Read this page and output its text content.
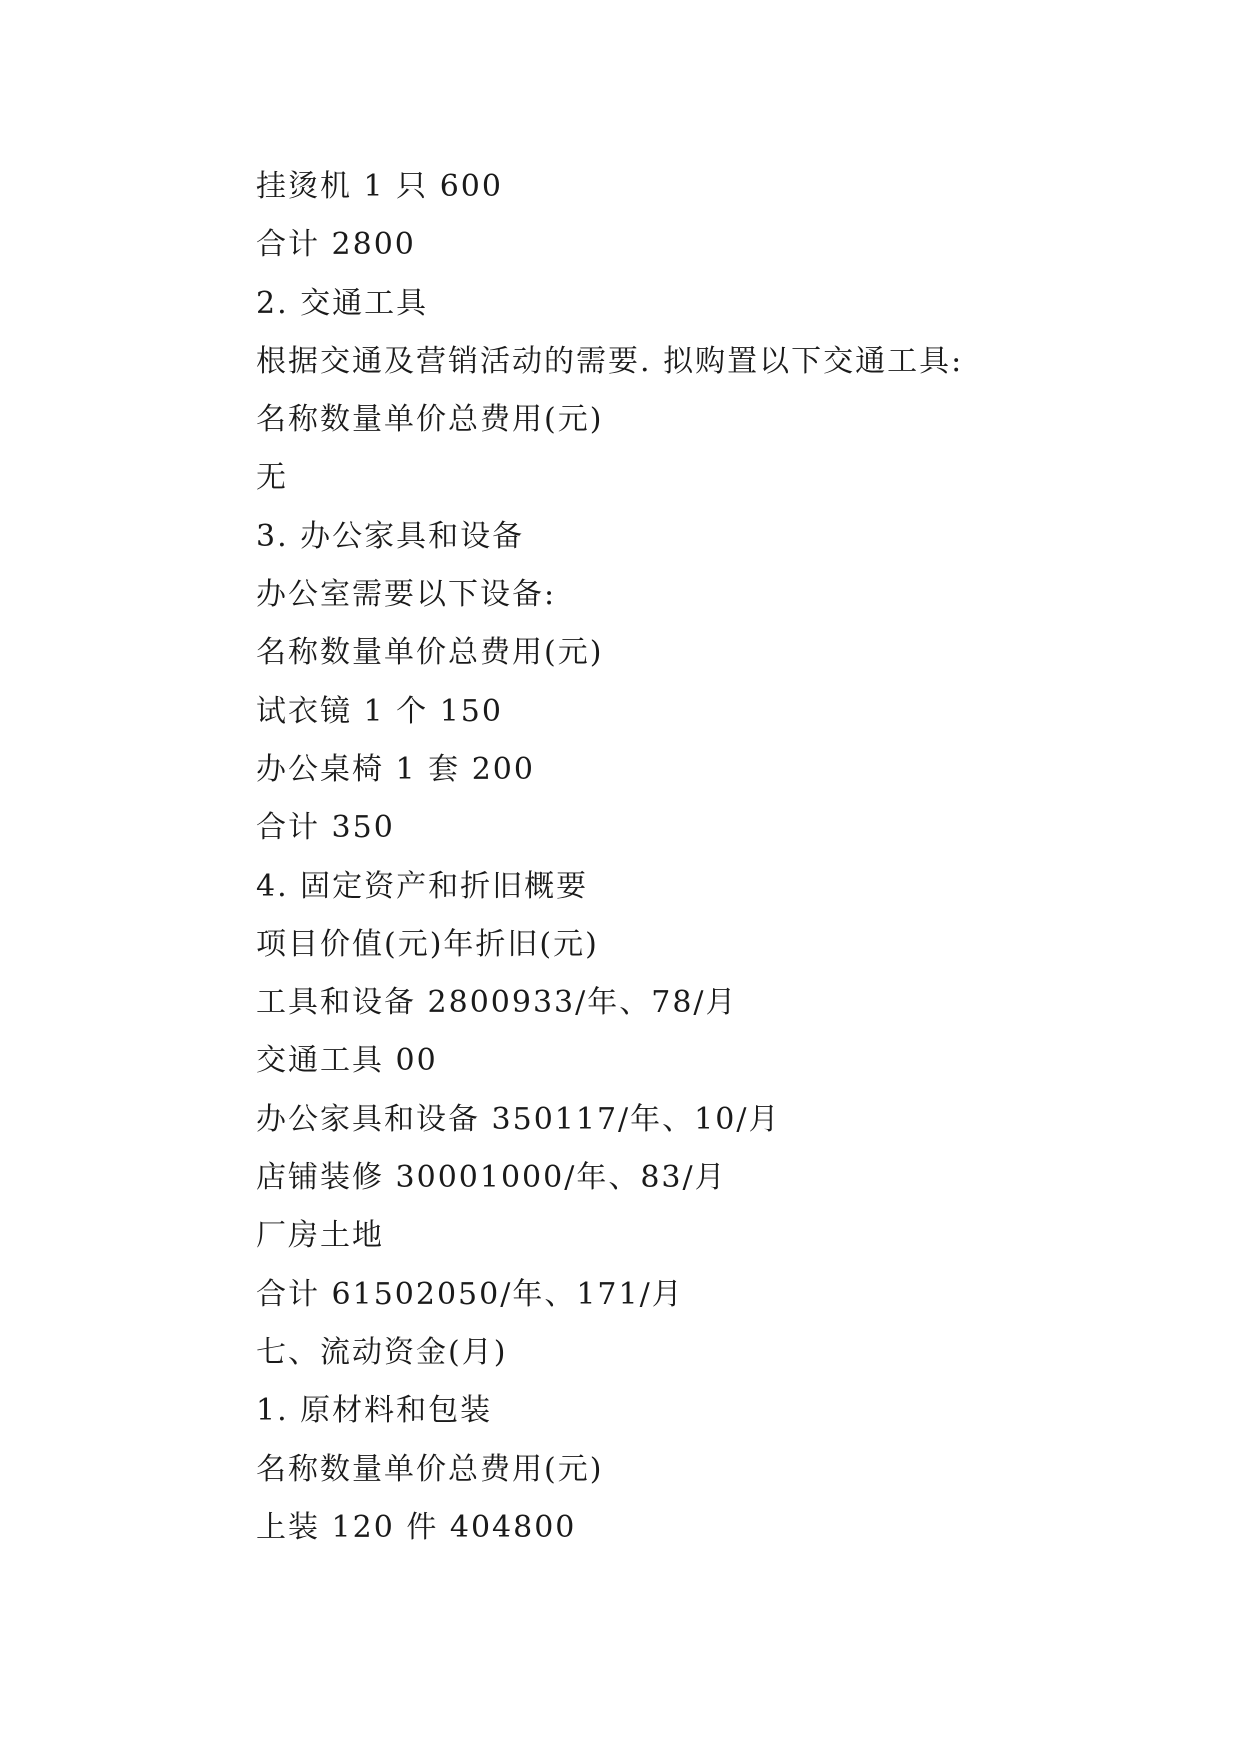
挂烫机 1 只 600
合计 2800
2. 交通工具
根据交通及营销活动的需要. 拟购置以下交通工具:
名称数量单价总费用(元)
无
3. 办公家具和设备
办公室需要以下设备:
名称数量单价总费用(元)
试衣镜 1 个 150
办公桌椅 1 套 200
合计 350
4. 固定资产和折旧概要
项目价值(元)年折旧(元)
工具和设备 2800933/年、78/月
交通工具 00
办公家具和设备 350117/年、10/月
店铺装修 30001000/年、83/月
厂房土地
合计 61502050/年、171/月
七、流动资金(月)
1. 原材料和包装
名称数量单价总费用(元)
上装 120 件 404800
